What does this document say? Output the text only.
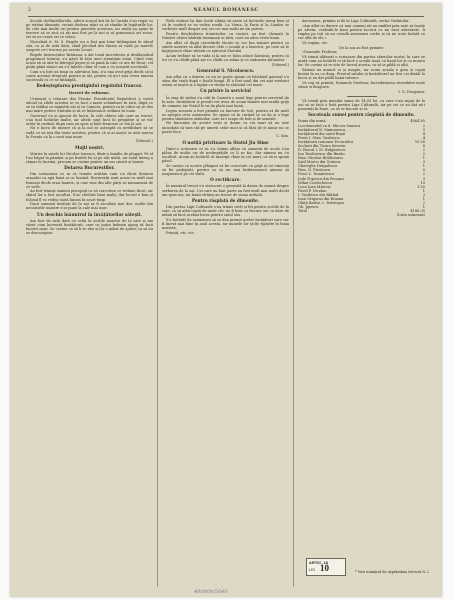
2	NEAMUL ROMÂNESC

Școală cheltuieliloreilo, adecă scopul ării de la Carada s'au rugat ca pe străini dinainte, vecinii dedeau mări ca să rămâie în legăturile lor, de cele mai multe ori pentru punerile acestora, iar mulți au ajuns în trecere să se zică că ați mai fost pe la noi și să primească ori zicea, ori să ne ceară ori ce voiau.

Niciodată d. M. S. Regele nu a fost mai bine întâmpinat în sânul său, ca și de astă dată, când plecând din Sinaia să vadă pe marele oaspete ce-i trecuse pe aceste locuri.

Regele instrucțiilor Brătianu, a dat toată încrederea și desfășurând programul tuturor, s'a găsit în fața unei situațiuni nouă. Când vine acum să se uite la întregul popor și să pună la cale ce are de făcut, cel puțin până atunci nu s'a înțeles chiar el cum e cu această socoteală.

Cum n'a fost un timp cu adevărat bun, n'a mai avut grijă decât să-și caute aceeași dreptate pentru ai săi, pentru că nu-i mai cerea nimeni socoteală cu ce se întâmplă.

Redeșteptarea prestigiului regatului francez.
Decret de reforme.

Urmează o relatare din Franța: Presidentul Republicei a vestit oficial că zilele acestea se va face o mare schimbare în țară, după ce se va întâlni cu miniștrii săi și cu Camera, pentru ca în viitor să se dea mai mare putere Statului și să se întărească ordinea în toate.

Guvernul s'a și apucat de lucru. În cele câteva zile care au trecut, s'au luat hotărâri multe, iar altele sunt încă în pregătire și se vor arăta în curând, după cum au spus și foile franceze ce vin la noi.

Nu e lucru de mirare că și la noi se așteaptă cu nerăbdare să se vadă ce va ieși din toate acestea; pentru că și ai noștri se uită mereu la Franța ca la o soră mai mare.

(Viitorul.)

Mojti noștri.

Murise în satele lui Nicolae Ionescu, dintr-o familie de plugari. Pe el l-au băgat în pământ și pe fratele lui și pe alți mulți, iar satul întreg a rămas în lacrimi, precum se cuvine pentru un om cinstit și harnic.

Dotarea Bucureștilor.

Din scrisoarea ce ni se trimite arătăm cum s'a făcut dotarea orașului cu apă bună și cu lumină. Bucureștii sunt acum cu mult mai frumoși decât erau înainte, și cine vine din alte părți se minunează de ce vede.

Au fost trimiși oameni pricepuți ca să cerceteze ce trebuie făcut, iar sfatul lor a fost ascultat. S'au cheltuit bani mulți, dar lucrul e bun și folosul îl va vedea toată lumea în scurt timp.

Dacă oamenii învățați de la noi ar fi ascultați mai des, multe din necazurile noastre s'ar pune la cale mai ușor.

Un deschis înăuntrul în învățătorilor săteşti.

Am fost de astă dată cu ochii la școlile noastre de la sate și am văzut cum lucrează învățătorii, care cu puțin îndemn ajung să facă lucruri mari. Se cuvine ca să li se dea și lor o mână de ajutor, ca să nu se descurajeze.

Foile străine își dau toată silința să arate că lucrurile merg bine și că în curând se va vedea roadă. La Viena, la Paris și la Londra se vorbește mult despre noi, iar cei mai mulți ne țin partea.

Pentru deschiderea tratativelor cu vecinii, au fost chemați la Dunăre câțiva bărbați însemnați ai țării, care au adus veste bună.

Am aflat că după cercetările făcute se vor lua măsuri pentru ca satele noastre să aibă fiecare câte o școală și o biserică, pe care să le îngrijească chiar sătenii cu ajutorul Statului.

Acum trebuie să se vadă și la noi ce folos aduce hărnicia; pentru că tot ce s'a clădit până azi s'a clădit cu mâna și cu sudoarea țăranului.

(Viitorul.)

Generalul S. Nicolaescu.

Am aflat cu o durere ce nu se poate spune că bătrânul general s'a stins din viață după o boală lungă. El a fost unul din cei mai vrednici ostași ai noștri și a luptat cu vitejie în războiul cel mare.

Cu privire la serviciul

În ziua de astăzi s'a citit în Cameră o nouă lege pentru serviciul de la sate. Învățătorii și preoții vor avea de acum înainte mai multă grijă de oameni, iar Statul le va da plată mai bună.

Legea aceasta a fost primită cu bucurie de toți, pentru că de mult se aștepta ceva asemenea. Se spune că în curând se va da și o lege pentru sănătatea sătenilor, care să-i scape de boli și de mizerie.

Ne bucurăm de aceste vești și dorim ca cei mari să nu uite niciodată că țara stă pe umerii celor mici și că fără de ei nimic nu se poate face.

C. Sim.

O notiță privitoare la Statul Jiu Sime

Dintr-o scrisoare ce ni s'a trimis aflăm că oamenii de acolo s'au plâns de multe ori de nedreptățile ce li se fac, dar nimeni nu i-a ascultat. Acum au hotărât să meargă chiar la cei mari, ca să-și spună păsul.

Se cuvine ca aceste plângeri să fie cercetate cu grijă și cei vinovați să fie pedepsiți, pentru ca să nu mai îndrăznească nimeni să asuprească pe cei slabi.

O rectificare.

În numărul trecut s'a strecurat o greșeală la darea de seamă despre serbarea de la sat. Cei care au luat parte au fost mult mai mulți decât am spus noi, iar banii strânși au trecut de suma arătată.

Pentru răsplată de dimenite.

Din partea Ligii Culturale s'au trimis cărți și foi pentru școlile de la sate, ca să aibă copiii de unde citi. Ar fi bine ca fiecare om cu dare de mână să facă același lucru pentru satul său.

S'a hotărât de asemenea să se dea premii acelor învățători care vor fi lucrat mai bine în anul acesta, iar numele lor să fie tipărite în foaia noastră.

Primiți, etc. etc.

Asemenea, primim și de la Liga Culturală, secția Vasluiului:

«Am aflat cu durere că unii oameni răi au umblat prin sate să înșele pe săteni, cerându-le bani pentru lucruri ce nu sunt adevărate. Îi rugăm pe toți să nu creadă asemenea vorbe și să ne scrie îndată ce vor afla de ele.»

Vă rugăm, etc.

De la noi au fost primite:

«Domnule Profesor,

Vă trimit alăturat o scrisoare din partea sătenilor noștri, în care se arată cum au hotărât ei să facă o școală nouă cu banii lor și cu munca lor. Se cuvine să se știe de lucrul acesta, ca să ia pildă și alții.

Sătenii au muncit zi și noapte, iar acum școala e gata și copiii învață în ea cu drag. Preotul satului și învățătorul au fost cei dintâi la lucru și au dat pildă bună tuturor.

Vă rog să primiți, Domnule Profesor, încredințarea deosebitei mele stime și dragoste.

I. G. Dragomir.

Vă trimit prin mandat suma de 14,05 lei, cu care v'ați rugat de la noi să se facă o listă pentru Liga Culturală, iar pe cei ce au dat să-i pomeniți în foaie, ca să se bucure și ei.

Socoteala sumei pentru răsplată de dimenite.
Suma din urmă	4064.85
Locotenentul ca d. Mircea Ionescu	2
Învățătorul N. Simionescu, ...	5
Învățătorul din satul Rușii	4
Preot I. Stan. Vasilescu	4
Învățătorii comunei Tecuciului	10.50
Școlarii din Turnu Severin	8
D. Pascal I. M. Bulgărescu	2
Ion Teodorescu din Buzău	2
Fam. Nicolae Beldiceanu	1
Iosif Marcu din Craiova	3
Gheorghe Drăgulescu	1
Fam. N. Prisăcaru	5
Preot L. Dumitrescu	2
Jude Popescu din Focșani	3
Mihai Costăchescu	10
Luca Ioan Mărcuș	1.50
Pavel P. Nicolau	1
I. Vasilescu din Bârlad	3
Ioan Grigoraș din Roman	1
Ghiță Barbu, c. Dobrogea	2
Gh. Jipescu	1
Total	4188.35

(Lista urmează)

* Vezi numărul de săptămâna trecută N. I.
ARTIC. 18
LEI 10
400800/5640
